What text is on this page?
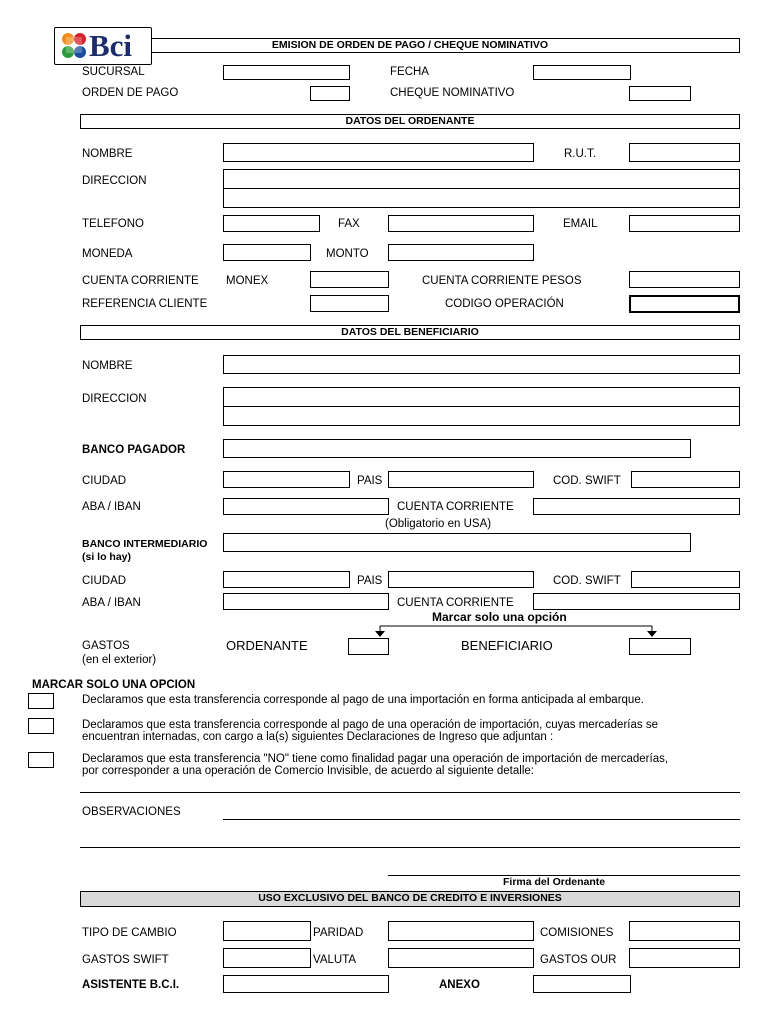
EMISION DE ORDEN DE PAGO / CHEQUE NOMINATIVO
Bci
SUCURSAL	FECHA
ORDEN DE PAGO	CHEQUE NOMINATIVO
DATOS DEL ORDENANTE
NOMBRE	R.U.T.
DIRECCION
TELEFONO	FAX	EMAIL
MONEDA	MONTO
CUENTA CORRIENTE MONEX	CUENTA CORRIENTE PESOS
REFERENCIA CLIENTE	CODIGO OPERACIÓN
DATOS DEL BENEFICIARIO
NOMBRE
DIRECCION
BANCO PAGADOR
CIUDAD	PAIS	COD. SWIFT
ABA / IBAN	CUENTA CORRIENTE
(Obligatorio en USA)
BANCO INTERMEDIARIO
(si lo hay)
CIUDAD	PAIS	COD. SWIFT
ABA / IBAN	CUENTA CORRIENTE
Marcar solo una opción
GASTOS
(en el exterior)
ORDENANTE	BENEFICIARIO
MARCAR SOLO UNA OPCION
Declaramos que esta transferencia corresponde al pago de una importación en forma anticipada al embarque.
Declaramos que esta transferencia corresponde al pago de una operación de importación, cuyas mercaderías se
encuentran internadas, con cargo a la(s) siguientes Declaraciones de Ingreso que adjuntan :
Declaramos que esta transferencia "NO" tiene como finalidad pagar una operación de importación de mercaderías,
por corresponder a una operación de Comercio Invisible, de acuerdo al siguiente detalle:
OBSERVACIONES
Firma del Ordenante
USO EXCLUSIVO DEL BANCO DE CREDITO E INVERSIONES
TIPO DE CAMBIO	PARIDAD	COMISIONES
GASTOS SWIFT	VALUTA	GASTOS OUR
ASISTENTE B.C.I.	ANEXO
